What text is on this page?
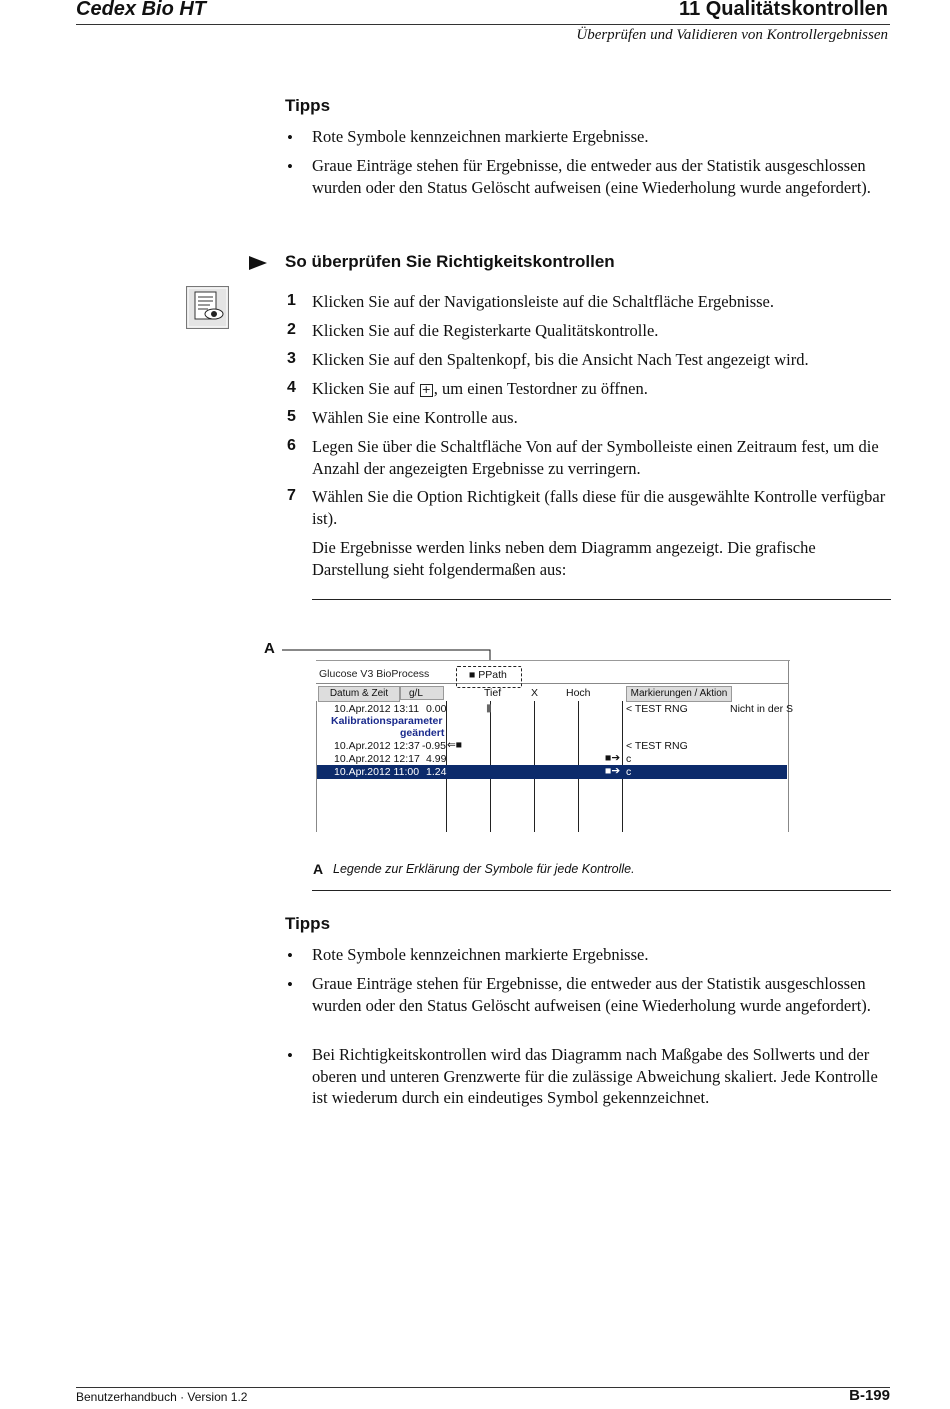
Cedex Bio HT	11 Qualitätskontrollen
Überprüfen und Validieren von Kontrollergebnissen
Tipps
• Rote Symbole kennzeichnen markierte Ergebnisse.
• Graue Einträge stehen für Ergebnisse, die entweder aus der Statistik ausgeschlossen wurden oder den Status Gelöscht aufweisen (eine Wiederholung wurde angefordert).
So überprüfen Sie Richtigkeitskontrollen
1 Klicken Sie auf der Navigationsleiste auf die Schaltfläche Ergebnisse.
2 Klicken Sie auf die Registerkarte Qualitätskontrolle.
3 Klicken Sie auf den Spaltenkopf, bis die Ansicht Nach Test angezeigt wird.
4 Klicken Sie auf + , um einen Testordner zu öffnen.
5 Wählen Sie eine Kontrolle aus.
6 Legen Sie über die Schaltfläche Von auf der Symbolleiste einen Zeitraum fest, um die Anzahl der angezeigten Ergebnisse zu verringern.
7 Wählen Sie die Option Richtigkeit (falls diese für die ausgewählte Kontrolle verfügbar ist).
Die Ergebnisse werden links neben dem Diagramm angezeigt. Die grafische Darstellung sieht folgendermaßen aus:
A
Glucose V3 BioProcess	■ PPath
Datum & Zeit	g/L	Tief	X	Hoch	Markierungen / Aktion
10.Apr.2012 13:11 0.00	▮	< TEST RNG	Nicht in der S
Kalibrationsparameter
geändert
10.Apr.2012 12:37 -0.95 ⇐■	< TEST RNG
10.Apr.2012 12:17 4.99	■➔ c
10.Apr.2012 11:00 1.24	■➔ c
A Legende zur Erklärung der Symbole für jede Kontrolle.
Tipps
• Rote Symbole kennzeichnen markierte Ergebnisse.
• Graue Einträge stehen für Ergebnisse, die entweder aus der Statistik ausgeschlossen wurden oder den Status Gelöscht aufweisen (eine Wiederholung wurde angefordert).
• Bei Richtigkeitskontrollen wird das Diagramm nach Maßgabe des Sollwerts und der oberen und unteren Grenzwerte für die zulässige Abweichung skaliert. Jede Kontrolle ist wiederum durch ein eindeutiges Symbol gekennzeichnet.
Benutzerhandbuch · Version 1.2	B-199
